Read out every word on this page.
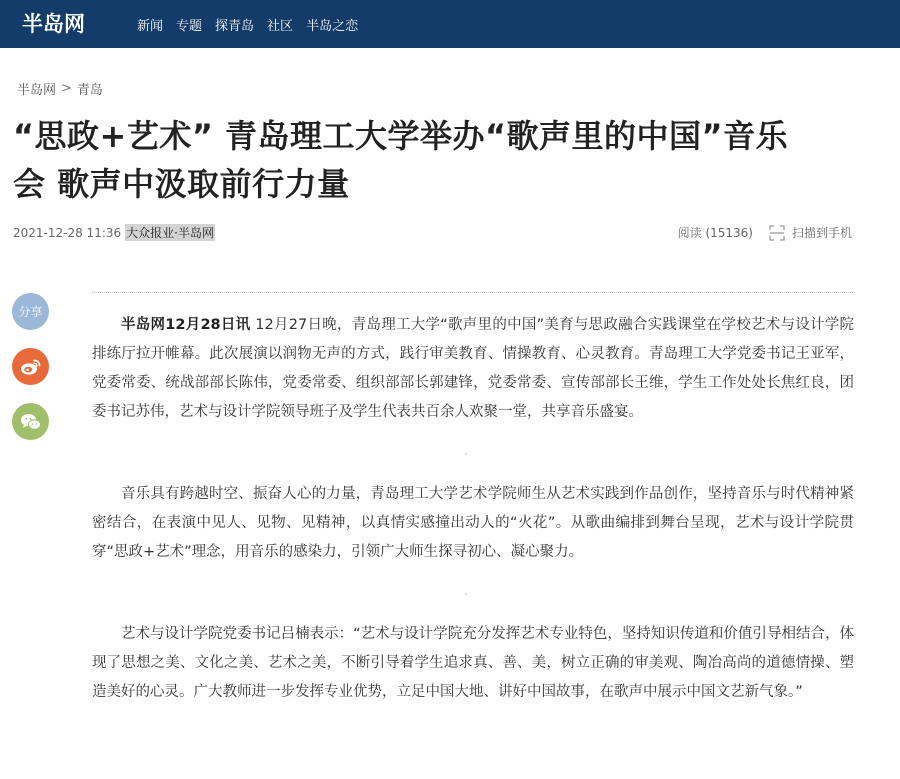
半岛网	新闻 专题 探青岛 社区 半岛之恋
半岛网 > 青岛
“思政+艺术” 青岛理工大学举办“歌声里的中国”音乐会 歌声中汲取前行力量
2021-12-28 11:36 大众报业·半岛网	阅读 (15136)	扫描到手机
分享

半岛网12月28日讯 12月27日晚，青岛理工大学“歌声里的中国”美育与思政融合实践课堂在学校艺术与设计学院排练厅拉开帷幕。此次展演以润物无声的方式，践行审美教育、情操教育、心灵教育。青岛理工大学党委书记王亚军，党委常委、统战部部长陈伟，党委常委、组织部部长郭建锋，党委常委、宣传部部长王维，学生工作处处长焦红良，团委书记苏伟，艺术与设计学院领导班子及学生代表共百余人欢聚一堂，共享音乐盛宴。

音乐具有跨越时空、振奋人心的力量，青岛理工大学艺术学院师生从艺术实践到作品创作，坚持音乐与时代精神紧密结合，在表演中见人、见物、见精神，以真情实感撞出动人的“火花”。从歌曲编排到舞台呈现，艺术与设计学院贯穿“思政+艺术”理念，用音乐的感染力，引领广大师生探寻初心、凝心聚力。

艺术与设计学院党委书记吕楠表示：“艺术与设计学院充分发挥艺术专业特色，坚持知识传道和价值引导相结合，体现了思想之美、文化之美、艺术之美，不断引导着学生追求真、善、美，树立正确的审美观、陶冶高尚的道德情操、塑造美好的心灵。广大教师进一步发挥专业优势，立足中国大地、讲好中国故事，在歌声中展示中国文艺新气象。”
